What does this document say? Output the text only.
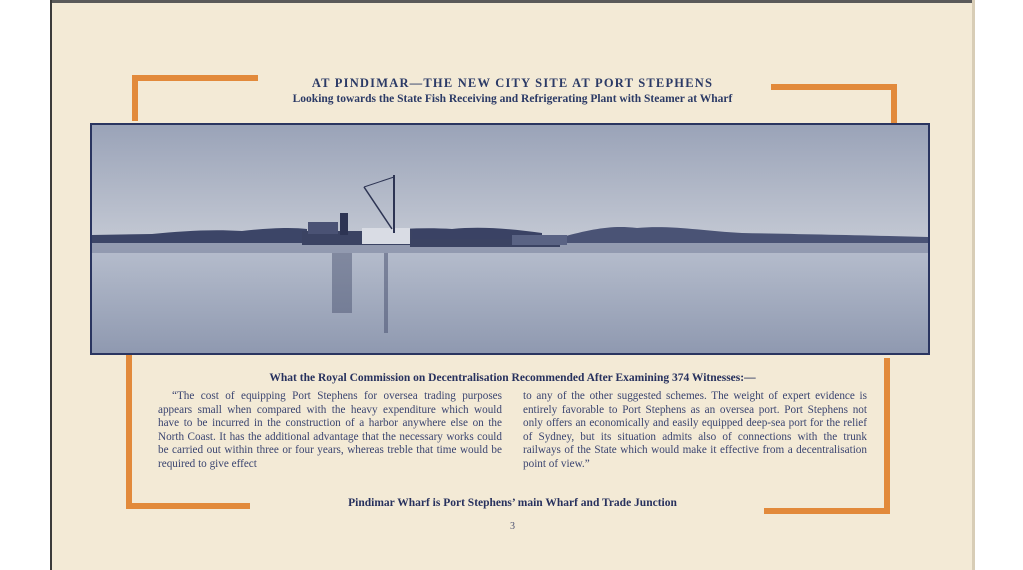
AT PINDIMAR—THE NEW CITY SITE AT PORT STEPHENS
Looking towards the State Fish Receiving and Refrigerating Plant with Steamer at Wharf
What the Royal Commission on Decentralisation Recommended After Examining 374 Witnesses:—
“The cost of equipping Port Stephens for oversea trading purposes appears small when compared with the heavy expenditure which would have to be incurred in the construction of a harbor anywhere else on the North Coast. It has the additional advantage that the necessary works could be carried out within three or four years, whereas treble that time would be required to give effect
to any of the other suggested schemes. The weight of expert evidence is entirely favorable to Port Stephens as an oversea port. Port Stephens not only offers an economically and easily equipped deep-sea port for the relief of Sydney, but its situation admits also of connections with the trunk railways of the State which would make it effective from a decentralisation point of view.”
Pindimar Wharf is Port Stephens’ main Wharf and Trade Junction
3
